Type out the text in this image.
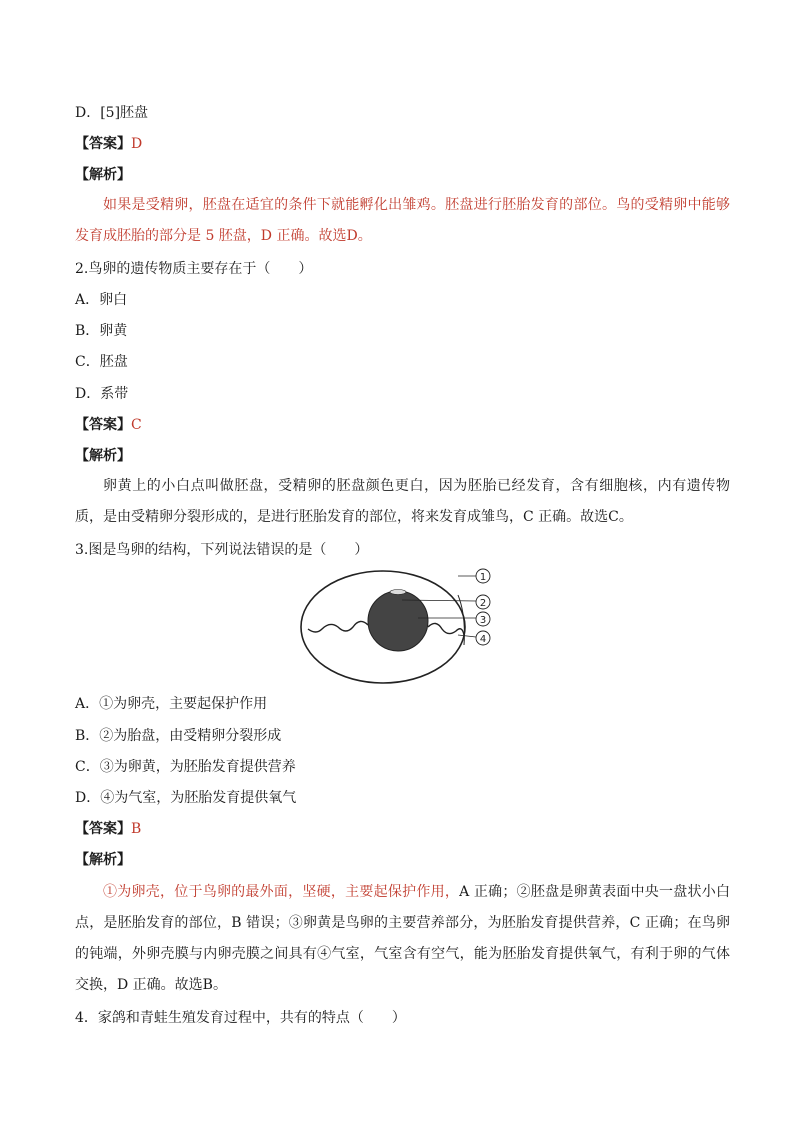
D．[5]胚盘
【答案】D
【解析】
如果是受精卵，胚盘在适宜的条件下就能孵化出雏鸡。胚盘进行胚胎发育的部位。鸟的受精卵中能够发育成胚胎的部分是 5 胚盘，D 正确。故选D。
2.鸟卵的遗传物质主要存在于（　　）
A．卵白
B．卵黄
C．胚盘
D．系带
【答案】C
【解析】
卵黄上的小白点叫做胚盘，受精卵的胚盘颜色更白，因为胚胎已经发育，含有细胞核，内有遗传物质，是由受精卵分裂形成的，是进行胚胎发育的部位，将来发育成雏鸟，C 正确。故选C。
3.图是鸟卵的结构，下列说法错误的是（　　）
1
2
3
4
A．①为卵壳，主要起保护作用
B．②为胎盘，由受精卵分裂形成
C．③为卵黄，为胚胎发育提供营养
D．④为气室，为胚胎发育提供氧气
【答案】B
【解析】
①为卵壳，位于鸟卵的最外面，坚硬，主要起保护作用，A 正确；②胚盘是卵黄表面中央一盘状小白点，是胚胎发育的部位，B 错误；③卵黄是鸟卵的主要营养部分，为胚胎发育提供营养，C 正确；在鸟卵的钝端，外卵壳膜与内卵壳膜之间具有④气室，气室含有空气，能为胚胎发育提供氧气，有利于卵的气体交换，D 正确。故选B。
4．家鸽和青蛙生殖发育过程中，共有的特点（　　）
